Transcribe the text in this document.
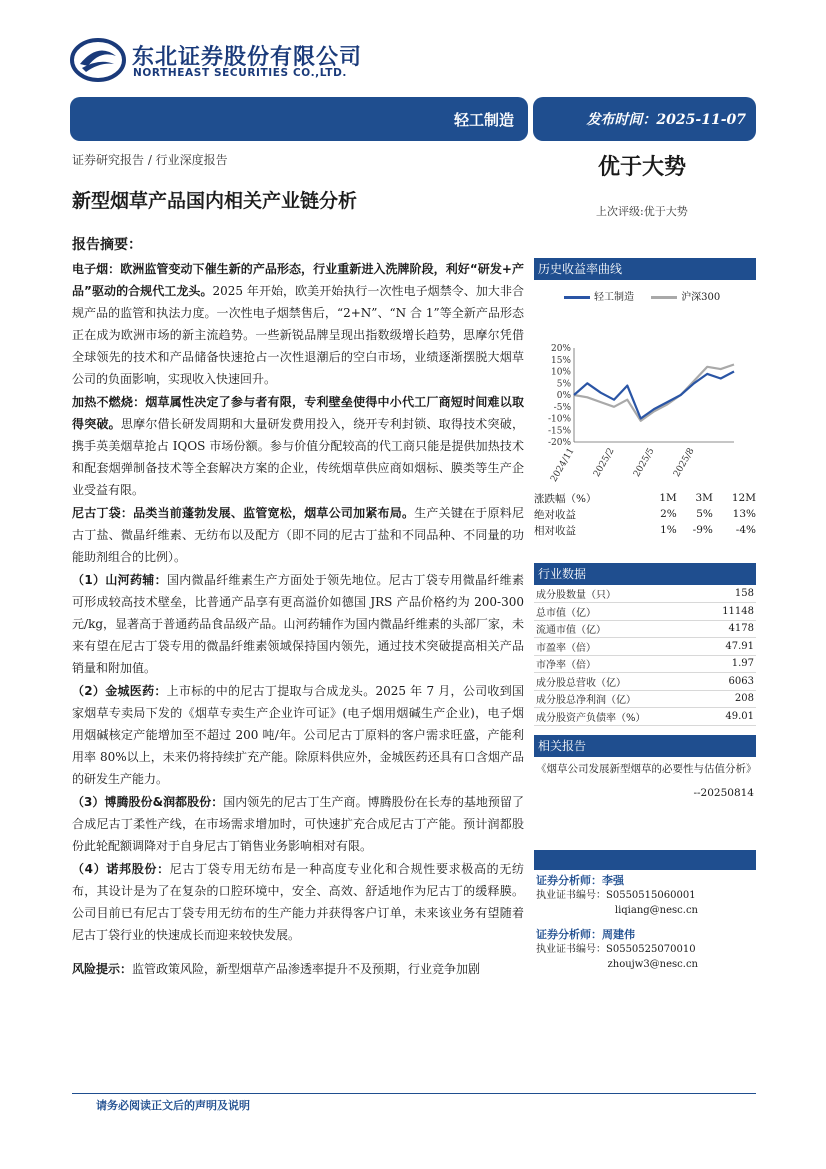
东北证券股份有限公司
NORTHEAST SECURITIES CO.,LTD.
轻工制造	发布时间：2025-11-07
证券研究报告 / 行业深度报告	优于大势
新型烟草产品国内相关产业链分析	上次评级:优于大势

报告摘要：

电子烟：欧洲监管变动下催生新的产品形态，行业重新进入洗牌阶段，利好“研发+产品”驱动的合规代工龙头。2025 年开始，欧美开始执行一次性电子烟禁令、加大非合规产品的监管和执法力度。一次性电子烟禁售后，“2+N”、“N 合 1”等全新产品形态正在成为欧洲市场的新主流趋势。一些新锐品牌呈现出指数级增长趋势，思摩尔凭借全球领先的技术和产品储备快速抢占一次性退潮后的空白市场，业绩逐渐摆脱大烟草公司的负面影响，实现收入快速回升。

加热不燃烧：烟草属性决定了参与者有限，专利壁垒使得中小代工厂商短时间难以取得突破。思摩尔借长研发周期和大量研发费用投入，绕开专利封锁、取得技术突破，携手英美烟草抢占 IQOS 市场份额。参与价值分配较高的代工商只能是提供加热技术和配套烟弹制备技术等全套解决方案的企业，传统烟草供应商如烟标、膜类等生产企业受益有限。

尼古丁袋：品类当前蓬勃发展、监管宽松，烟草公司加紧布局。生产关键在于原料尼古丁盐、微晶纤维素、无纺布以及配方（即不同的尼古丁盐和不同品种、不同量的功能助剂组合的比例）。

（1）山河药辅：国内微晶纤维素生产方面处于领先地位。尼古丁袋专用微晶纤维素可形成较高技术壁垒，比普通产品享有更高溢价如德国 JRS 产品价格约为 200-300 元/kg，显著高于普通药品食品级产品。山河药辅作为国内微晶纤维素的头部厂家，未来有望在尼古丁袋专用的微晶纤维素领域保持国内领先，通过技术突破提高相关产品销量和附加值。

（2）金城医药：上市标的中的尼古丁提取与合成龙头。2025 年 7 月，公司收到国家烟草专卖局下发的《烟草专卖生产企业许可证》(电子烟用烟碱生产企业)，电子烟用烟碱核定产能增加至不超过 200 吨/年。公司尼古丁原料的客户需求旺盛，产能利用率 80%以上，未来仍将持续扩充产能。除原料供应外，金城医药还具有口含烟产品的研发生产能力。

（3）博腾股份&润都股份：国内领先的尼古丁生产商。博腾股份在长寿的基地预留了合成尼古丁柔性产线，在市场需求增加时，可快速扩充合成尼古丁产能。预计润都股份此轮配额调降对于自身尼古丁销售业务影响相对有限。

（4）诺邦股份：尼古丁袋专用无纺布是一种高度专业化和合规性要求极高的无纺布，其设计是为了在复杂的口腔环境中，安全、高效、舒适地作为尼古丁的缓释膜。公司目前已有尼古丁袋专用无纺布的生产能力并获得客户订单，未来该业务有望随着尼古丁袋行业的快速成长而迎来较快发展。

风险提示：监管政策风险，新型烟草产品渗透率提升不及预期，行业竞争加剧

历史收益率曲线
轻工制造	沪深300
20%
15%
10%
5%
0%
-5%
-10%
-15%
-20%
2024/11 2025/2 2025/5 2025/8
涨跌幅（%）	1M	3M	12M
绝对收益	2%	5%	13%
相对收益	1%	-9%	-4%
行业数据
成分股数量（只）	158
总市值（亿）	11148
流通市值（亿）	4178
市盈率（倍）	47.91
市净率（倍）	1.97
成分股总营收（亿）	6063
成分股总净利润（亿）	208
成分股资产负债率（%）	49.01
相关报告
《烟草公司发展新型烟草的必要性与估值分析》
--20250814
证券分析师：李强
执业证书编号：S0550515060001
liqiang@nesc.cn
证券分析师：周建伟
执业证书编号：S0550525070010
zhoujw3@nesc.cn
请务必阅读正文后的声明及说明
